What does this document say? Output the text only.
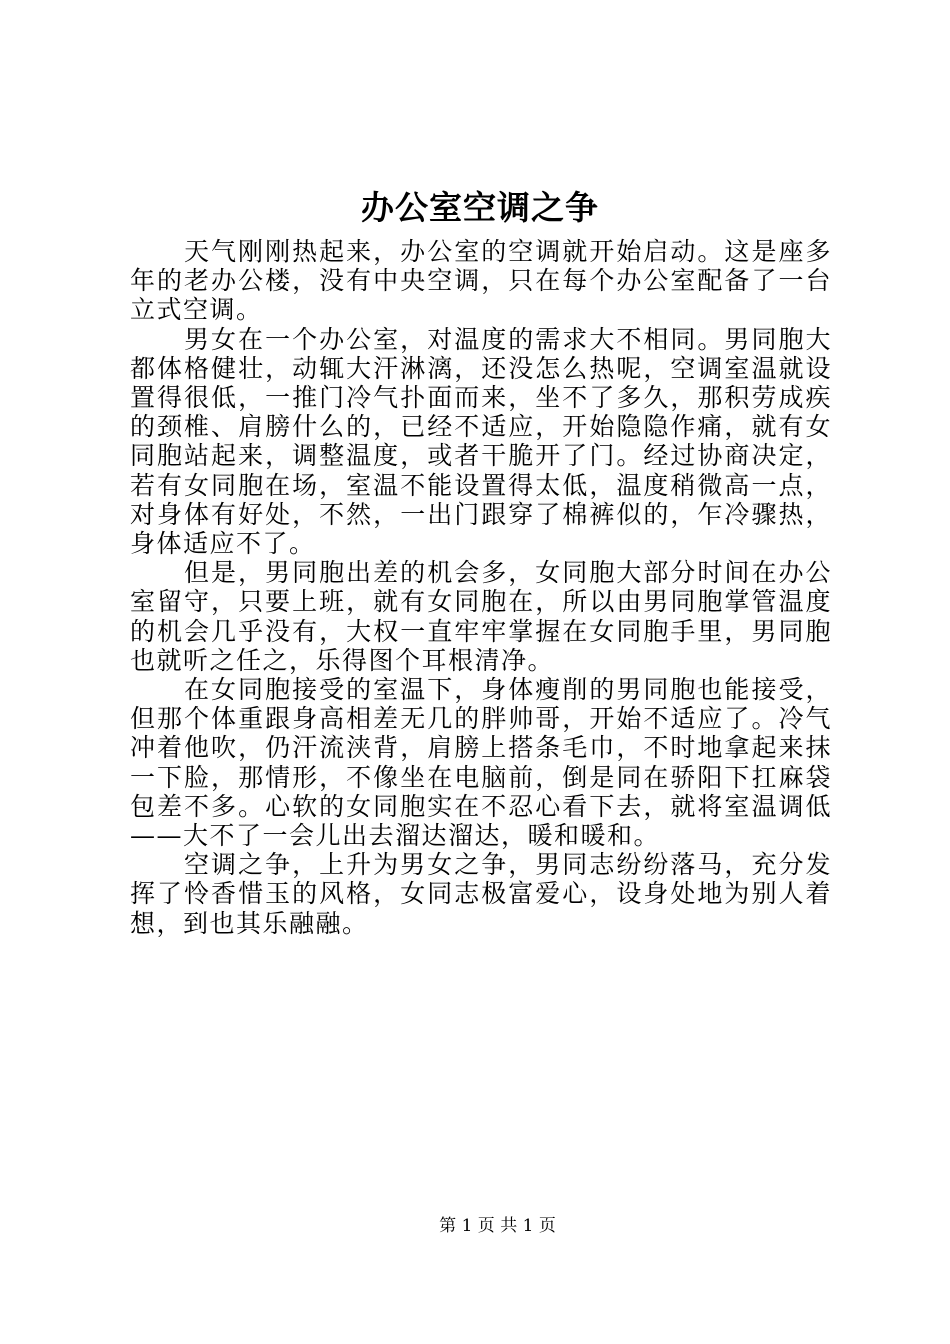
办公室空调之争

天气刚刚热起来，办公室的空调就开始启动。这是座多年的老办公楼，没有中央空调，只在每个办公室配备了一台立式空调。

男女在一个办公室，对温度的需求大不相同。男同胞大都体格健壮，动辄大汗淋漓，还没怎么热呢，空调室温就设置得很低，一推门冷气扑面而来，坐不了多久，那积劳成疾的颈椎、肩膀什么的，已经不适应，开始隐隐作痛，就有女同胞站起来，调整温度，或者干脆开了门。经过协商决定，若有女同胞在场，室温不能设置得太低，温度稍微高一点，对身体有好处，不然，一出门跟穿了棉裤似的，乍冷骤热，身体适应不了。

但是，男同胞出差的机会多，女同胞大部分时间在办公室留守，只要上班，就有女同胞在，所以由男同胞掌管温度的机会几乎没有，大权一直牢牢掌握在女同胞手里，男同胞也就听之任之，乐得图个耳根清净。

在女同胞接受的室温下，身体瘦削的男同胞也能接受，但那个体重跟身高相差无几的胖帅哥，开始不适应了。冷气冲着他吹，仍汗流浃背，肩膀上搭条毛巾，不时地拿起来抹一下脸，那情形，不像坐在电脑前，倒是同在骄阳下扛麻袋包差不多。心软的女同胞实在不忍心看下去，就将室温调低——大不了一会儿出去溜达溜达，暖和暖和。

空调之争，上升为男女之争，男同志纷纷落马，充分发挥了怜香惜玉的风格，女同志极富爱心，设身处地为别人着想，到也其乐融融。

第 1 页 共 1 页
